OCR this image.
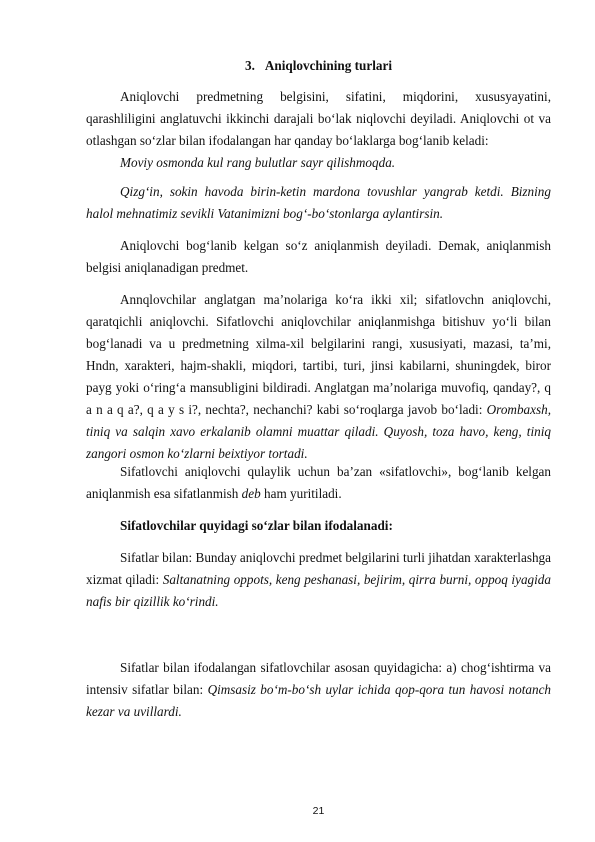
3. Aniqlovchining turlari

Aniqlovchi predmetning belgisini, sifatini, miqdorini, xususyayatini, qarashliligini anglatuvchi ikkinchi darajali bo‘lak niqlovchi deyiladi. Aniqlovchi ot va otlashgan so‘zlar bilan ifodalangan har qanday bo‘laklarga bog‘lanib keladi:

Moviy osmonda kul rang bulutlar sayr qilishmoqda.

Qizg‘in, sokin havoda birin-ketin mardona tovushlar yangrab ketdi. Bizning halol mehnatimiz sevikli Vatanimizni bog‘-bo‘stonlarga aylantirsin.

Aniqlovchi bog‘lanib kelgan so‘z aniqlanmish deyiladi. Demak, aniqlanmish belgisi aniqlanadigan predmet.

Annqlovchilar anglatgan ma’nolariga ko‘ra ikki xil; sifatlovchn aniqlovchi, qaratqichli aniqlovchi. Sifatlovchi aniqlovchilar aniqlanmishga bitishuv yo‘li bilan bog‘lanadi va u predmetning xilma-xil belgilarini rangi, xususiyati, mazasi, ta’mi, Hndn, xarakteri, hajm-shakli, miqdori, tartibi, turi, jinsi kabilarni, shuningdek, biror payg yoki o‘ring‘a mansubligini bildiradi. Anglatgan ma’nolariga muvofiq, qanday?, q a n a q a?, q a y s i?, nechta?, nechanchi? kabi so‘roqlarga javob bo‘ladi: Orombaxsh, tiniq va salqin xavo erkalanib olamni muattar qiladi. Quyosh, toza havo, keng, tiniq zangori osmon ko‘zlarni beixtiyor tortadi.

Sifatlovchi aniqlovchi qulaylik uchun ba’zan «sifatlovchi», bog‘lanib kelgan aniqlanmish esa sifatlanmish deb ham yuritiladi.

Sifatlovchilar quyidagi so‘zlar bilan ifodalanadi:

Sifatlar bilan: Bunday aniqlovchi predmet belgilarini turli jihatdan xarakterlashga xizmat qiladi: Saltanatning oppots, keng peshanasi, bejirim, qirra burni, oppoq iyagida nafis bir qizillik ko‘rindi.

Sifatlar bilan ifodalangan sifatlovchilar asosan quyidagicha: a) chog‘ishtirma va intensiv sifatlar bilan: Qimsasiz bo‘m-bo‘sh uylar ichida qop-qora tun havosi notanch kezar va uvillardi.

21
